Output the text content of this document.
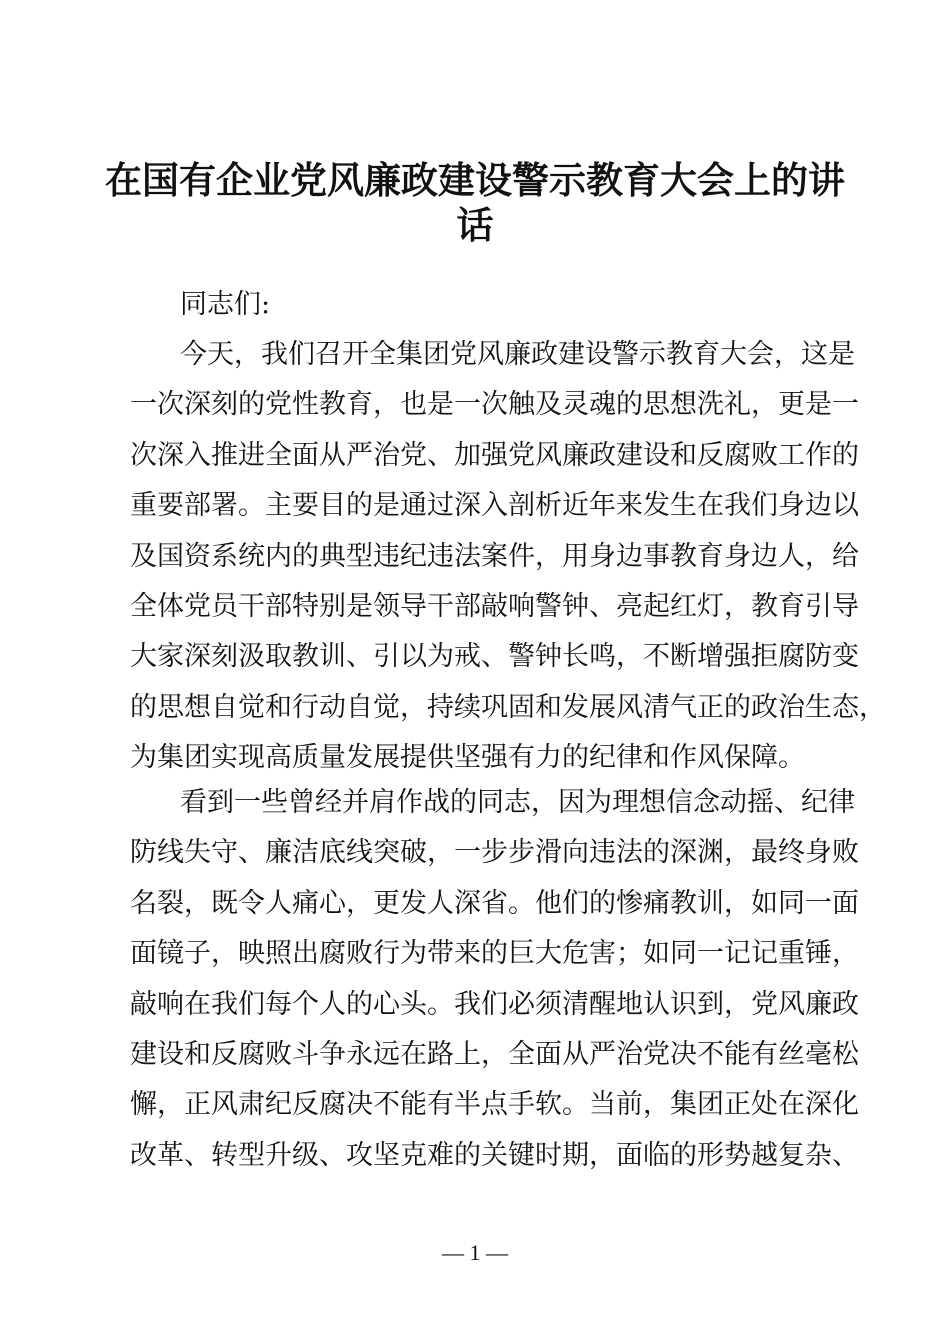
在国有企业党风廉政建设警示教育大会上的讲
话
同志们:
今天，我们召开全集团党风廉政建设警示教育大会，这是
一次深刻的党性教育，也是一次触及灵魂的思想洗礼，更是一
次深入推进全面从严治党、加强党风廉政建设和反腐败工作的
重要部署。主要目的是通过深入剖析近年来发生在我们身边以
及国资系统内的典型违纪违法案件，用身边事教育身边人，给
全体党员干部特别是领导干部敲响警钟、亮起红灯，教育引导
大家深刻汲取教训、引以为戒、警钟长鸣，不断增强拒腐防变
的思想自觉和行动自觉，持续巩固和发展风清气正的政治生态，
为集团实现高质量发展提供坚强有力的纪律和作风保障。
看到一些曾经并肩作战的同志，因为理想信念动摇、纪律
防线失守、廉洁底线突破，一步步滑向违法的深渊，最终身败
名裂，既令人痛心，更发人深省。他们的惨痛教训，如同一面
面镜子，映照出腐败行为带来的巨大危害；如同一记记重锤，
敲响在我们每个人的心头。我们必须清醒地认识到，党风廉政
建设和反腐败斗争永远在路上，全面从严治党决不能有丝毫松
懈，正风肃纪反腐决不能有半点手软。当前，集团正处在深化
改革、转型升级、攻坚克难的关键时期，面临的形势越复杂、
— 1 —
